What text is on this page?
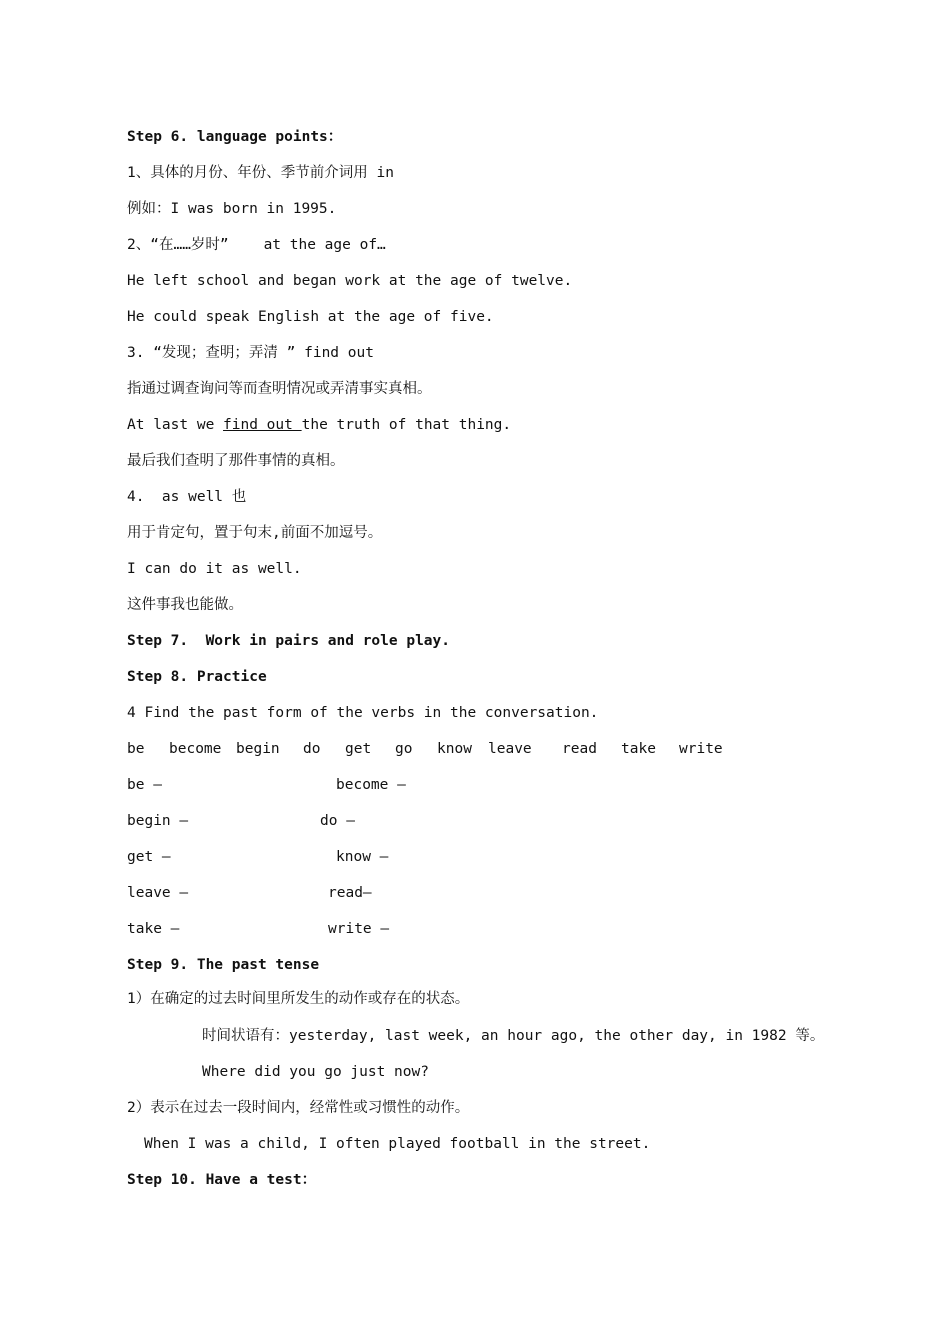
Step 6. language points：
1、具体的月份、年份、季节前介词用 in
例如：I was born in 1995.
2、“在……岁时”    at the age of…
He left school and began work at the age of twelve.
He could speak English at the age of five.
3. “发现；查明；弄清 ” find out
指通过调查询问等而查明情况或弄清事实真相。
At last we find out the truth of that thing.
最后我们查明了那件事情的真相。
4.  as well 也
用于肯定句，置于句末,前面不加逗号。
I can do it as well.
这件事我也能做。
Step 7.  Work in pairs and role play.
Step 8. Practice
4 Find the past form of the verbs in the conversation.
be become begin do get go know leave read take write
be —	become —
begin —	do —
get —	know —
leave —	read—
take —	write —
Step 9. The past tense
1）在确定的过去时间里所发生的动作或存在的状态。
时间状语有：yesterday, last week, an hour ago, the other day, in 1982 等。
Where did you go just now?
2）表示在过去一段时间内，经常性或习惯性的动作。
When I was a child, I often played football in the street.
Step 10. Have a test：
